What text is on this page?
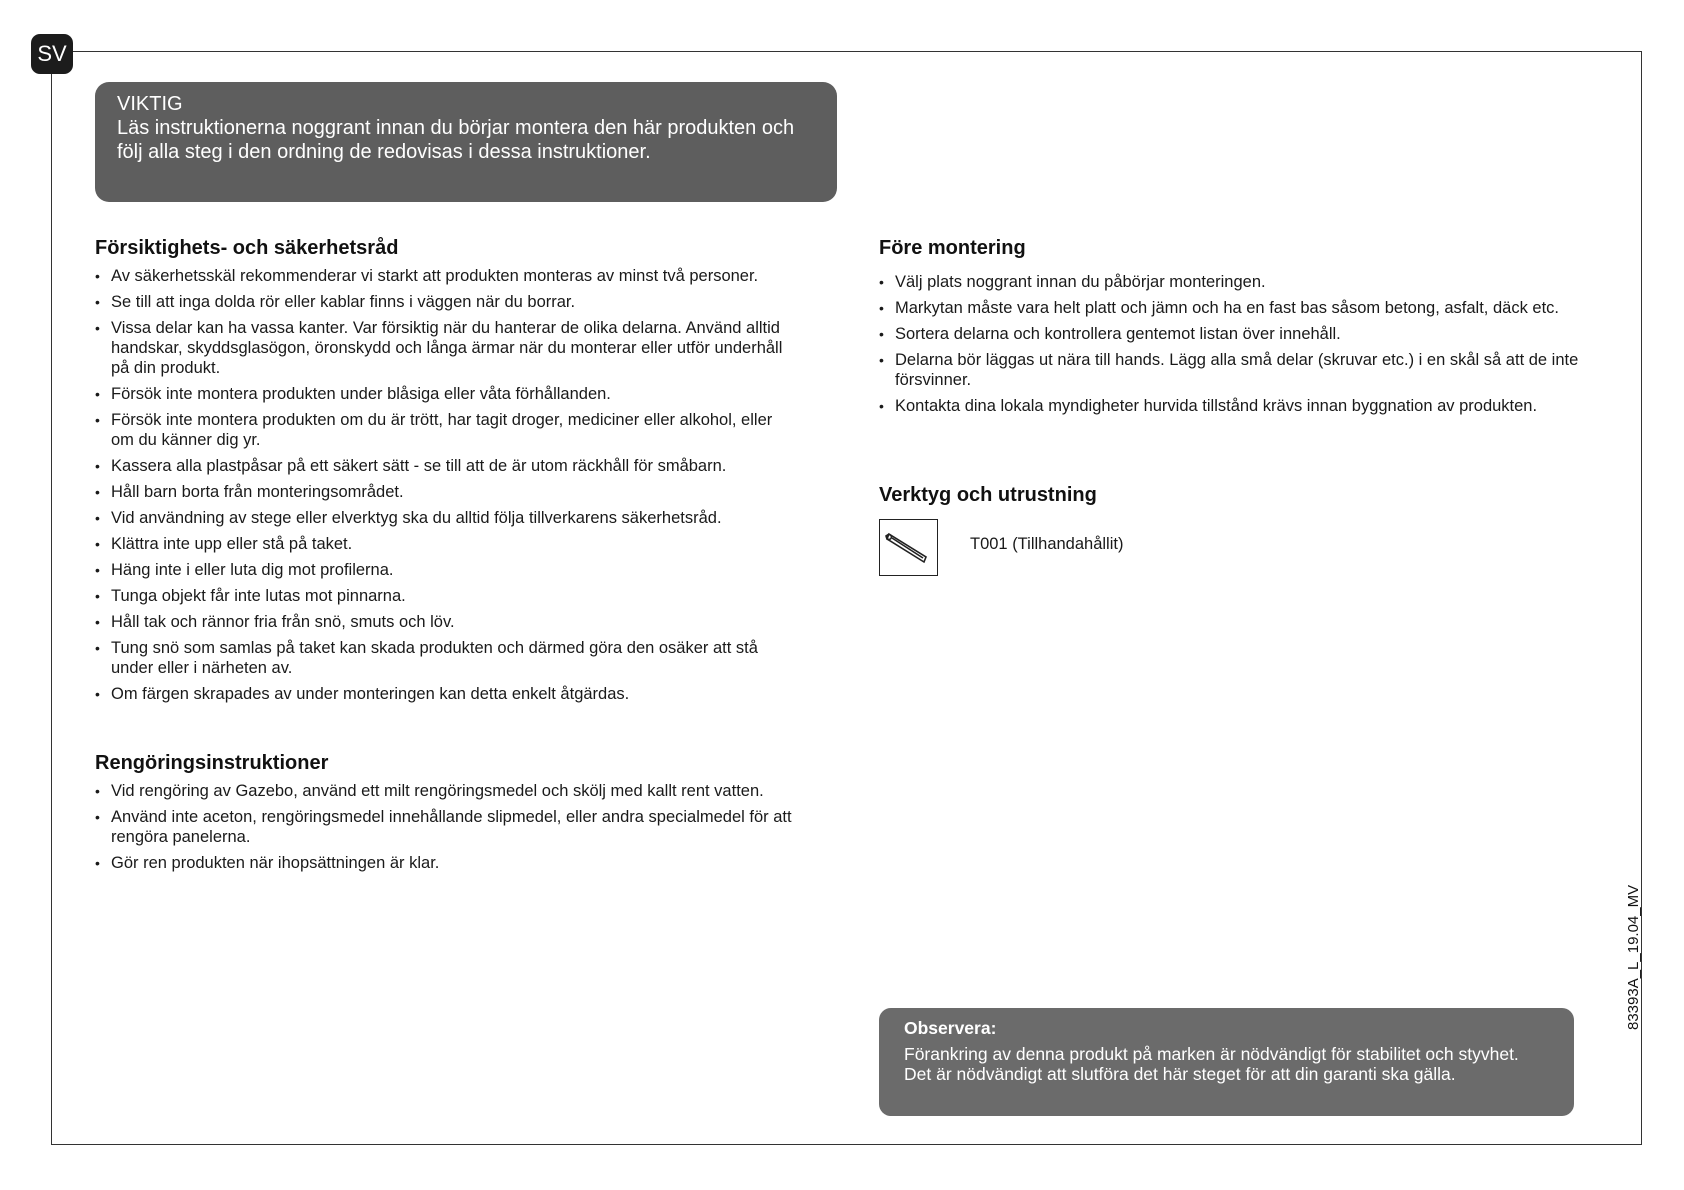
SV
VIKTIG
Läs instruktionerna noggrant innan du börjar montera den här produkten och följ alla steg i den ordning de redovisas i dessa instruktioner.
Försiktighets- och säkerhetsråd
• Av säkerhetsskäl rekommenderar vi starkt att produkten monteras av minst två personer.
• Se till att inga dolda rör eller kablar finns i väggen när du borrar.
• Vissa delar kan ha vassa kanter. Var försiktig när du hanterar de olika delarna. Använd alltid handskar, skyddsglasögon, öronskydd och långa ärmar när du monterar eller utför underhåll på din produkt.
• Försök inte montera produkten under blåsiga eller våta förhållanden.
• Försök inte montera produkten om du är trött, har tagit droger, mediciner eller alkohol, eller om du känner dig yr.
• Kassera alla plastpåsar på ett säkert sätt - se till att de är utom räckhåll för småbarn.
• Håll barn borta från monteringsområdet.
• Vid användning av stege eller elverktyg ska du alltid följa tillverkarens säkerhetsråd.
• Klättra inte upp eller stå på taket.
• Häng inte i eller luta dig mot profilerna.
• Tunga objekt får inte lutas mot pinnarna.
• Håll tak och rännor fria från snö, smuts och löv.
• Tung snö som samlas på taket kan skada produkten och därmed göra den osäker att stå under eller i närheten av.
• Om färgen skrapades av under monteringen kan detta enkelt åtgärdas.
Rengöringsinstruktioner
• Vid rengöring av Gazebo, använd ett milt rengöringsmedel och skölj med kallt rent vatten.
• Använd inte aceton, rengöringsmedel innehållande slipmedel, eller andra specialmedel för att rengöra panelerna.
• Gör ren produkten när ihopsättningen är klar.
Före montering
• Välj plats noggrant innan du påbörjar monteringen.
• Markytan måste vara helt platt och jämn och ha en fast bas såsom betong, asfalt, däck etc.
• Sortera delarna och kontrollera gentemot listan över innehåll.
• Delarna bör läggas ut nära till hands. Lägg alla små delar (skruvar etc.) i en skål så att de inte försvinner.
• Kontakta dina lokala myndigheter hurvida tillstånd krävs innan byggnation av produkten.
Verktyg och utrustning
T001 (Tillhandahållit)
Observera:
Förankring av denna produkt på marken är nödvändigt för stabilitet och styvhet. Det är nödvändigt att slutföra det här steget för att din garanti ska gälla.
83393A_L_19.04_MV
